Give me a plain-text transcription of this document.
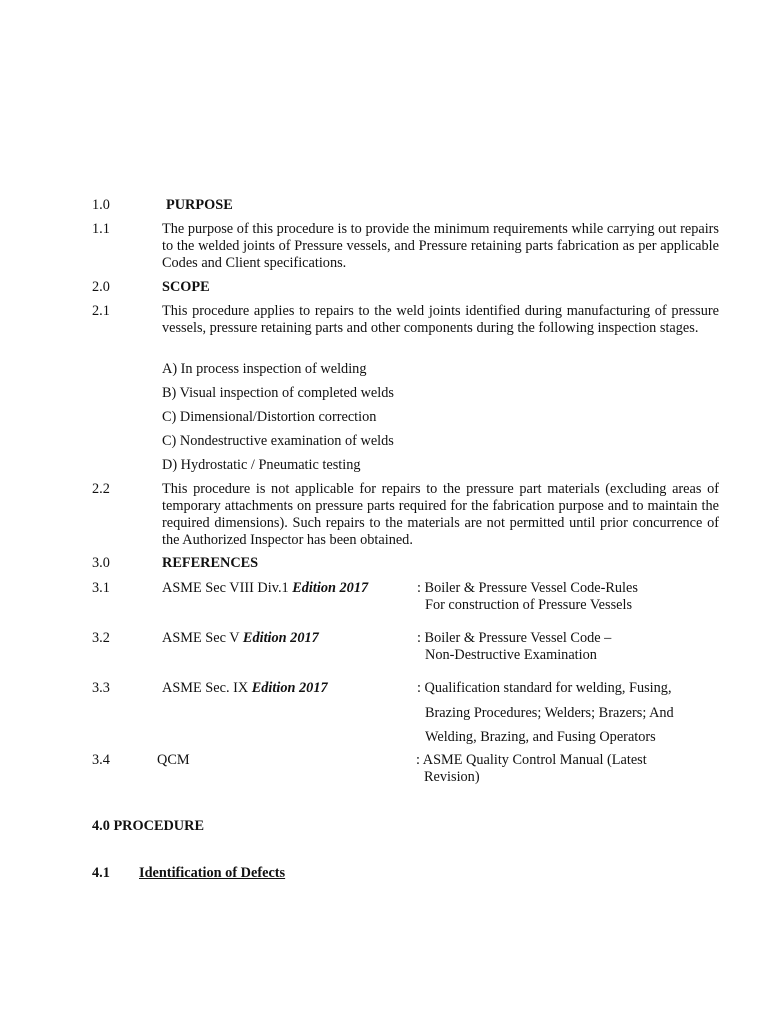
1.0	PURPOSE
1.1	The purpose of this procedure is to provide the minimum requirements while carrying out repairs to the welded joints of Pressure vessels, and Pressure retaining parts fabrication as per applicable Codes and Client specifications.
2.0	SCOPE
2.1	This procedure applies to repairs to the weld joints identified during manufacturing of pressure vessels, pressure retaining parts and other components during the following inspection stages.
A) In process inspection of welding
B) Visual inspection of completed welds
C) Dimensional/Distortion correction
C) Nondestructive examination of welds
D) Hydrostatic / Pneumatic testing
2.2	This procedure is not applicable for repairs to the pressure part materials (excluding areas of temporary attachments on pressure parts required for the fabrication purpose and to maintain the required dimensions). Such repairs to the materials are not permitted until prior concurrence of the Authorized Inspector has been obtained.
3.0	REFERENCES
3.1	ASME Sec VIII Div.1 Edition 2017	: Boiler & Pressure Vessel Code-Rules
For construction of Pressure Vessels
3.2	ASME Sec V Edition 2017	: Boiler & Pressure Vessel Code –
Non-Destructive Examination
3.3	ASME Sec. IX Edition 2017	: Qualification standard for welding, Fusing,
Brazing Procedures; Welders; Brazers; And
Welding, Brazing, and Fusing Operators
3.4	QCM	: ASME Quality Control Manual (Latest
Revision)
4.0 PROCEDURE
4.1 Identification of Defects
